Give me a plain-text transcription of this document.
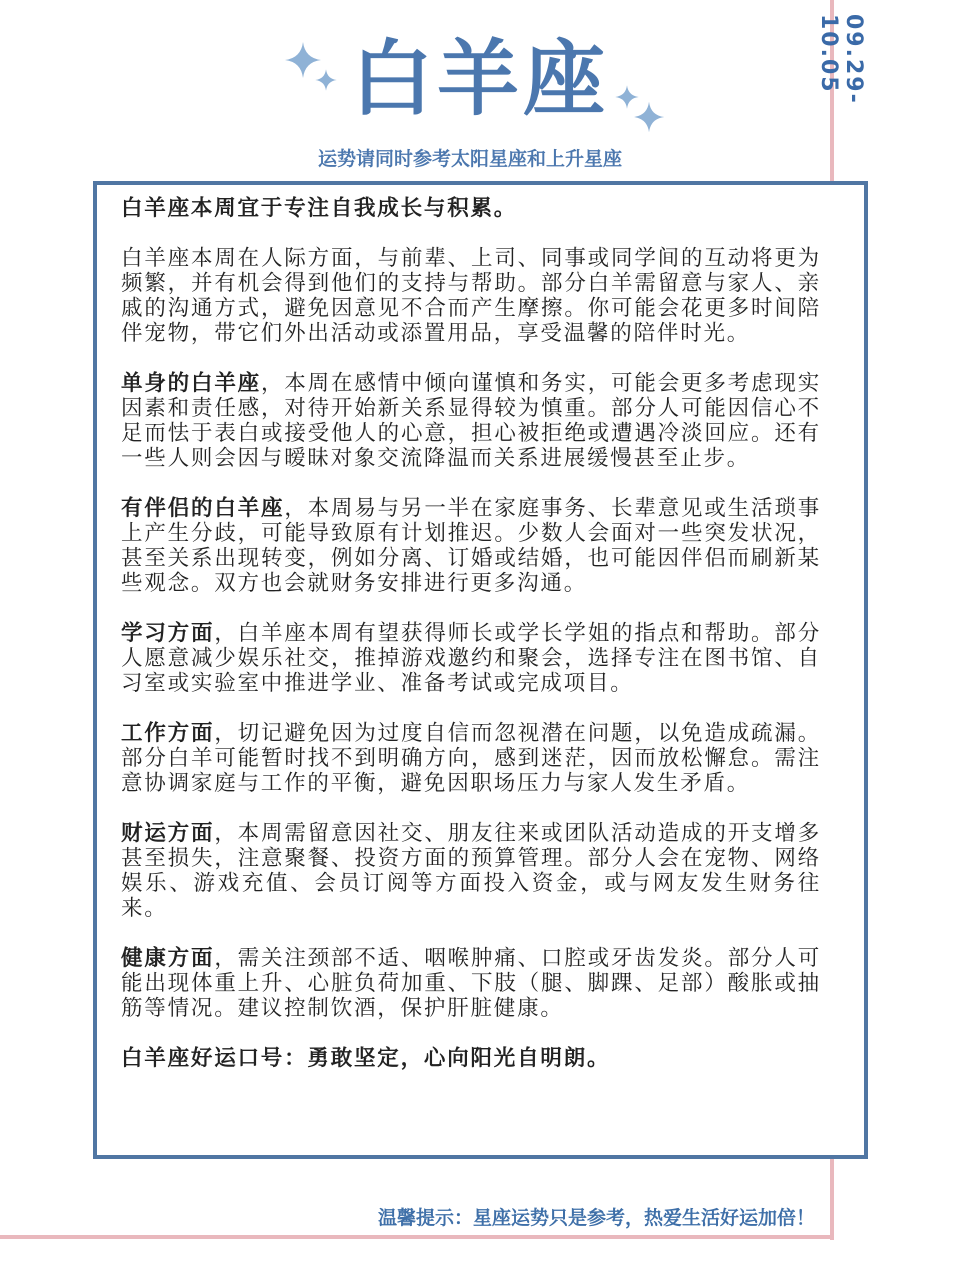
09.29-10.05
白羊座
运势请同时参考太阳星座和上升星座

白羊座本周宜于专注自我成长与积累。

白羊座本周在人际方面，与前辈、上司、同事或同学间的互动将更为频繁，并有机会得到他们的支持与帮助。部分白羊需留意与家人、亲戚的沟通方式，避免因意见不合而产生摩擦。你可能会花更多时间陪伴宠物，带它们外出活动或添置用品，享受温馨的陪伴时光。

单身的白羊座，本周在感情中倾向谨慎和务实，可能会更多考虑现实因素和责任感，对待开始新关系显得较为慎重。部分人可能因信心不足而怯于表白或接受他人的心意，担心被拒绝或遭遇冷淡回应。还有一些人则会因与暧昧对象交流降温而关系进展缓慢甚至止步。

有伴侣的白羊座，本周易与另一半在家庭事务、长辈意见或生活琐事上产生分歧，可能导致原有计划推迟。少数人会面对一些突发状况，甚至关系出现转变，例如分离、订婚或结婚，也可能因伴侣而刷新某些观念。双方也会就财务安排进行更多沟通。

学习方面，白羊座本周有望获得师长或学长学姐的指点和帮助。部分人愿意减少娱乐社交，推掉游戏邀约和聚会，选择专注在图书馆、自习室或实验室中推进学业、准备考试或完成项目。

工作方面，切记避免因为过度自信而忽视潜在问题，以免造成疏漏。部分白羊可能暂时找不到明确方向，感到迷茫，因而放松懈怠。需注意协调家庭与工作的平衡，避免因职场压力与家人发生矛盾。

财运方面，本周需留意因社交、朋友往来或团队活动造成的开支增多甚至损失，注意聚餐、投资方面的预算管理。部分人会在宠物、网络娱乐、游戏充值、会员订阅等方面投入资金，或与网友发生财务往来。

健康方面，需关注颈部不适、咽喉肿痛、口腔或牙齿发炎。部分人可能出现体重上升、心脏负荷加重、下肢（腿、脚踝、足部）酸胀或抽筋等情况。建议控制饮酒，保护肝脏健康。

白羊座好运口号：勇敢坚定，心向阳光自明朗。

温馨提示：星座运势只是参考，热爱生活好运加倍！
